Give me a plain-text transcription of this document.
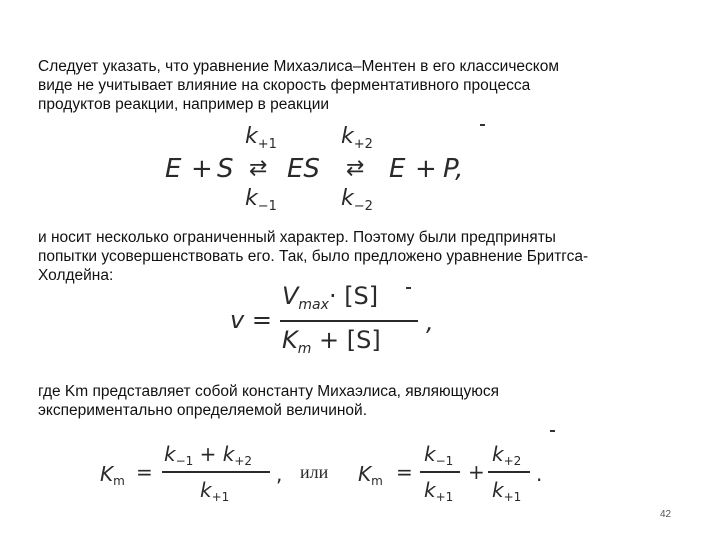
Следует указать, что уравнение Михаэлиса–Ментен в его классическом
виде не учитывает влияние на скорость ферментативного процесса
продуктов реакции, например в реакции
E + S ⇄ ES ⇄ E + P,
$k_{+1}$
$k_{-1}$
$k_{+2}$
$k_{-2}$
и носит несколько ограниченный характер. Поэтому были предприняты
попытки усовершенствовать его. Так, было предложено уравнение Бритгса-
Холдейна:
v =
$V_{max}\cdot [S]$
$K_m + [S]$
,
где Km представляет собой константу Михаэлиса, являющуюся
экспериментально определяемой величиной.
$K_m$ =
$k_{-1} + k_{+2}$
$k_{+1}$
, или $K_m$ =
$k_{-1}$
$k_{+1}$
+
$k_{+2}$
$k_{+1}$
.
42
